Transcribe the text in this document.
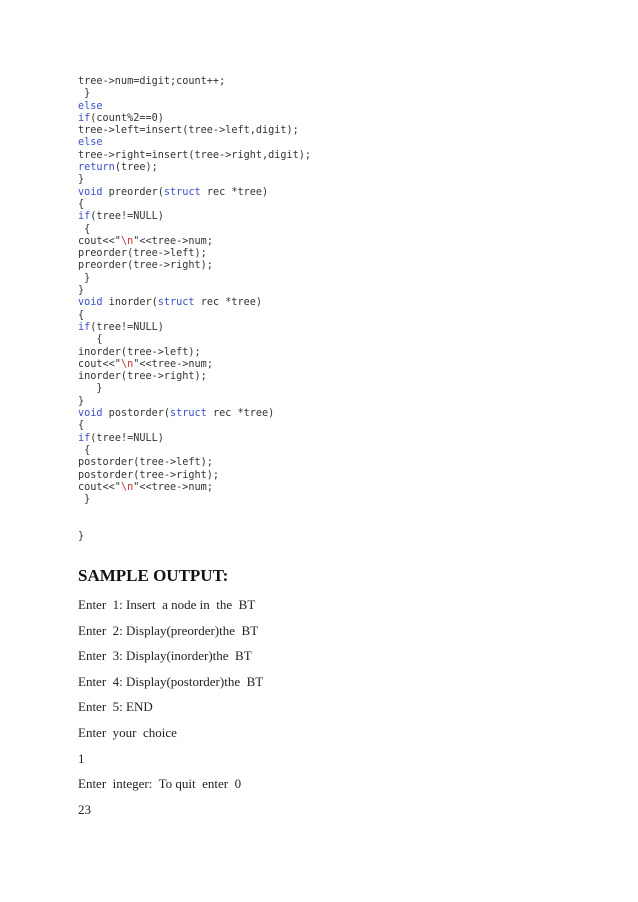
tree->num=digit;count++;
}
else
if(count%2==0)
tree->left=insert(tree->left,digit);
else
tree->right=insert(tree->right,digit);
return(tree);
}
void preorder(struct rec *tree)
{
if(tree!=NULL)
{
cout<<"\n"<<tree->num;
preorder(tree->left);
preorder(tree->right);
}
}
void inorder(struct rec *tree)
{
if(tree!=NULL)
{
inorder(tree->left);
cout<<"\n"<<tree->num;
inorder(tree->right);
}
}
void postorder(struct rec *tree)
{
if(tree!=NULL)
{
postorder(tree->left);
postorder(tree->right);
cout<<"\n"<<tree->num;
}
}
SAMPLE OUTPUT:
Enter  1: Insert  a node in  the  BT
Enter  2: Display(preorder)the  BT
Enter  3: Display(inorder)the  BT
Enter  4: Display(postorder)the  BT
Enter  5: END
Enter  your  choice
1
Enter  integer:  To quit  enter  0
23
